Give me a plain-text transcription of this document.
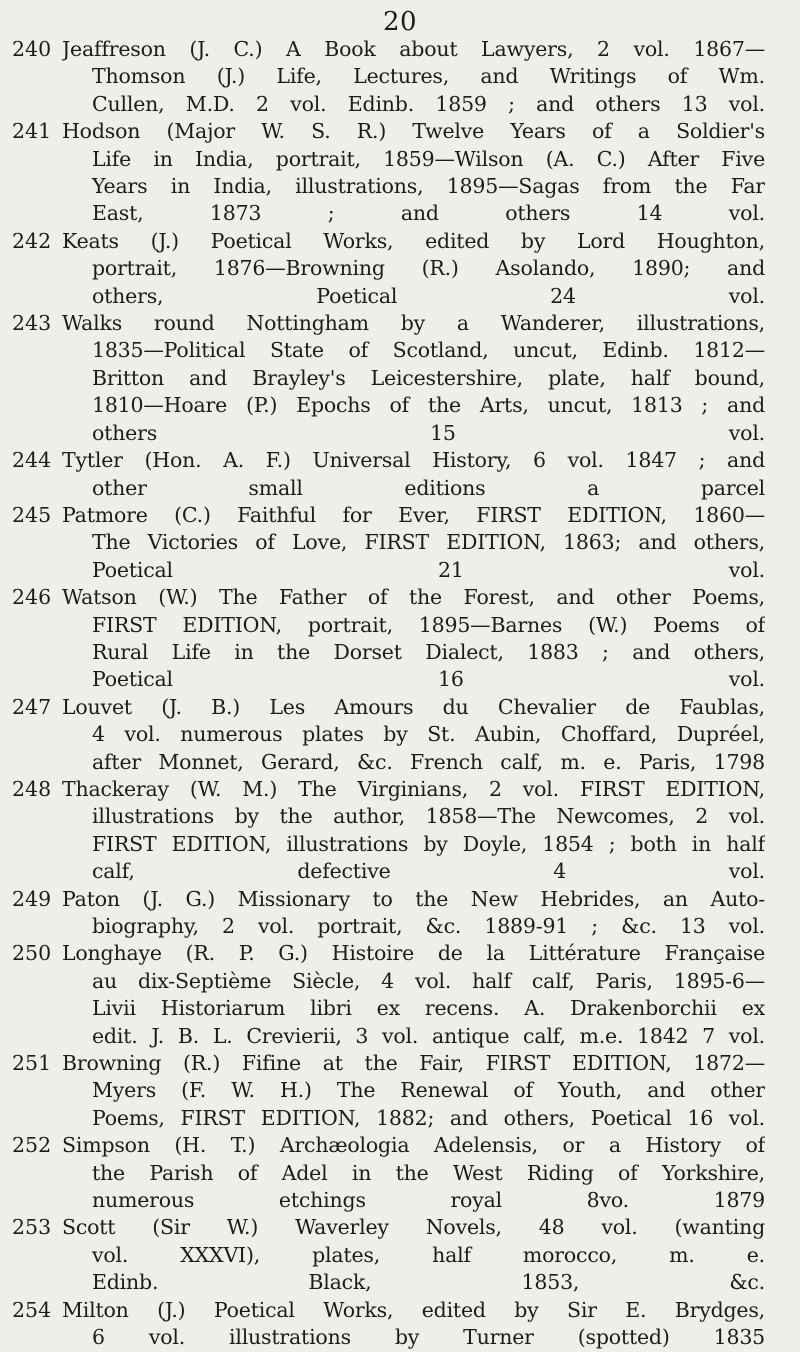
20
240 Jeaffreson (J. C.) A Book about Lawyers, 2 vol. 1867—
Thomson (J.) Life, Lectures, and Writings of Wm.
Cullen, M.D. 2 vol. Edinb. 1859 ; and others 13 vol.
241 Hodson (Major W. S. R.) Twelve Years of a Soldier's
Life in India, portrait, 1859—Wilson (A. C.) After Five
Years in India, illustrations, 1895—Sagas from the Far
East, 1873 ; and others 14 vol.
242 Keats (J.) Poetical Works, edited by Lord Houghton,
portrait, 1876—Browning (R.) Asolando, 1890; and
others, Poetical 24 vol.
243 Walks round Nottingham by a Wanderer, illustrations,
1835—Political State of Scotland, uncut, Edinb. 1812—
Britton and Brayley's Leicestershire, plate, half bound,
1810—Hoare (P.) Epochs of the Arts, uncut, 1813 ; and
others 15 vol.
244 Tytler (Hon. A. F.) Universal History, 6 vol. 1847 ; and
other small editions a parcel
245 Patmore (C.) Faithful for Ever, FIRST EDITION, 1860—
The Victories of Love, FIRST EDITION, 1863; and others,
Poetical 21 vol.
246 Watson (W.) The Father of the Forest, and other Poems,
FIRST EDITION, portrait, 1895—Barnes (W.) Poems of
Rural Life in the Dorset Dialect, 1883 ; and others,
Poetical 16 vol.
247 Louvet (J. B.) Les Amours du Chevalier de Faublas,
4 vol. numerous plates by St. Aubin, Choffard, Dupréel,
after Monnet, Gerard, &c. French calf, m. e. Paris, 1798
248 Thackeray (W. M.) The Virginians, 2 vol. FIRST EDITION,
illustrations by the author, 1858—The Newcomes, 2 vol.
FIRST EDITION, illustrations by Doyle, 1854 ; both in half
calf, defective 4 vol.
249 Paton (J. G.) Missionary to the New Hebrides, an Auto-
biography, 2 vol. portrait, &c. 1889-91 ; &c. 13 vol.
250 Longhaye (R. P. G.) Histoire de la Littérature Française
au dix-Septième Siècle, 4 vol. half calf, Paris, 1895-6—
Livii Historiarum libri ex recens. A. Drakenborchii ex
edit. J. B. L. Crevierii, 3 vol. antique calf, m.e. 1842 7 vol.
251 Browning (R.) Fifine at the Fair, FIRST EDITION, 1872—
Myers (F. W. H.) The Renewal of Youth, and other
Poems, FIRST EDITION, 1882; and others, Poetical 16 vol.
252 Simpson (H. T.) Archæologia Adelensis, or a History of
the Parish of Adel in the West Riding of Yorkshire,
numerous etchings royal 8vo. 1879
253 Scott (Sir W.) Waverley Novels, 48 vol. (wanting
vol. XXXVI), plates, half morocco, m. e.
Edinb. Black, 1853, &c.
254 Milton (J.) Poetical Works, edited by Sir E. Brydges,
6 vol. illustrations by Turner (spotted) 1835
